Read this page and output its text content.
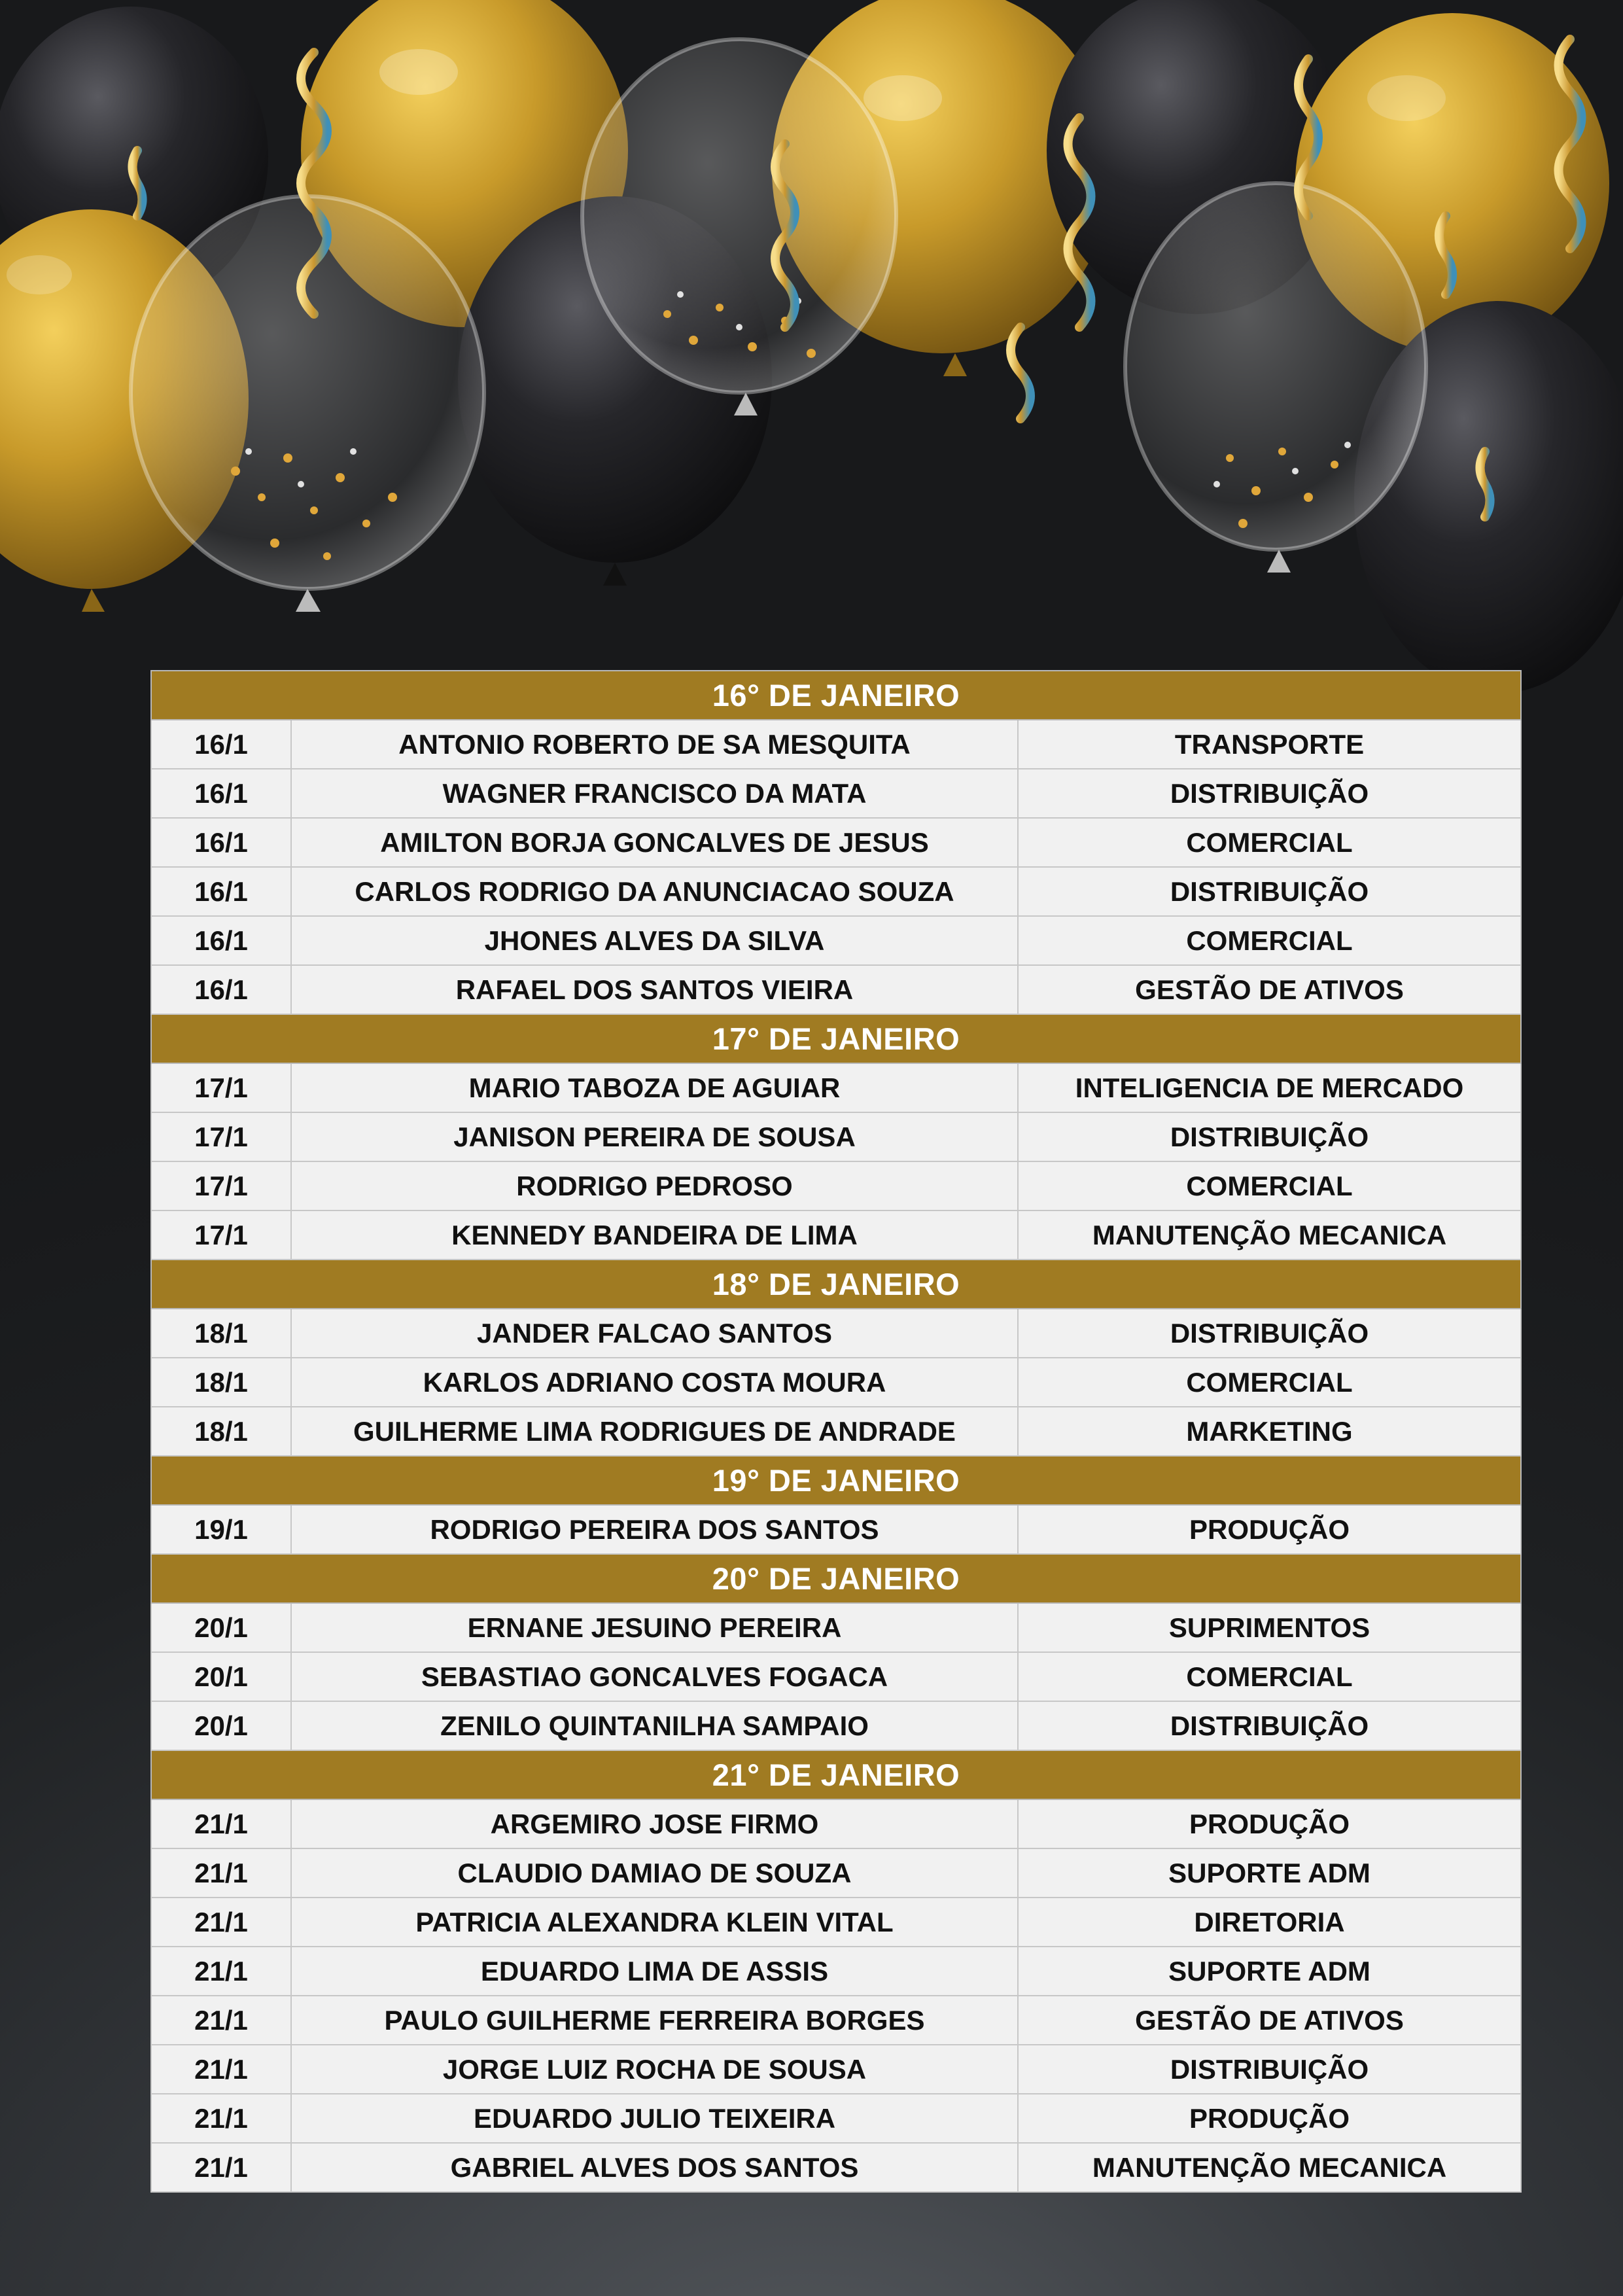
16° DE JANEIRO		
16/1	ANTONIO ROBERTO DE SA MESQUITA	TRANSPORTE
16/1	WAGNER FRANCISCO DA MATA	DISTRIBUIÇÃO
16/1	AMILTON BORJA GONCALVES DE JESUS	COMERCIAL
16/1	CARLOS RODRIGO DA ANUNCIACAO SOUZA	DISTRIBUIÇÃO
16/1	JHONES ALVES DA SILVA	COMERCIAL
16/1	RAFAEL DOS SANTOS VIEIRA	GESTÃO DE ATIVOS
17° DE JANEIRO		
17/1	MARIO TABOZA DE AGUIAR	INTELIGENCIA DE MERCADO
17/1	JANISON PEREIRA DE SOUSA	DISTRIBUIÇÃO
17/1	RODRIGO PEDROSO	COMERCIAL
17/1	KENNEDY BANDEIRA DE LIMA	MANUTENÇÃO MECANICA
18° DE JANEIRO		
18/1	JANDER FALCAO SANTOS	DISTRIBUIÇÃO
18/1	KARLOS ADRIANO COSTA MOURA	COMERCIAL
18/1	GUILHERME LIMA RODRIGUES DE ANDRADE	MARKETING
19° DE JANEIRO		
19/1	RODRIGO PEREIRA DOS SANTOS	PRODUÇÃO
20° DE JANEIRO		
20/1	ERNANE JESUINO PEREIRA	SUPRIMENTOS
20/1	SEBASTIAO GONCALVES FOGACA	COMERCIAL
20/1	ZENILO QUINTANILHA SAMPAIO	DISTRIBUIÇÃO
21° DE JANEIRO		
21/1	ARGEMIRO JOSE FIRMO	PRODUÇÃO
21/1	CLAUDIO DAMIAO DE SOUZA	SUPORTE ADM
21/1	PATRICIA ALEXANDRA KLEIN VITAL	DIRETORIA
21/1	EDUARDO LIMA DE ASSIS	SUPORTE ADM
21/1	PAULO GUILHERME FERREIRA BORGES	GESTÃO DE ATIVOS
21/1	JORGE LUIZ ROCHA DE SOUSA	DISTRIBUIÇÃO
21/1	EDUARDO JULIO TEIXEIRA	PRODUÇÃO
21/1	GABRIEL ALVES DOS SANTOS	MANUTENÇÃO MECANICA
